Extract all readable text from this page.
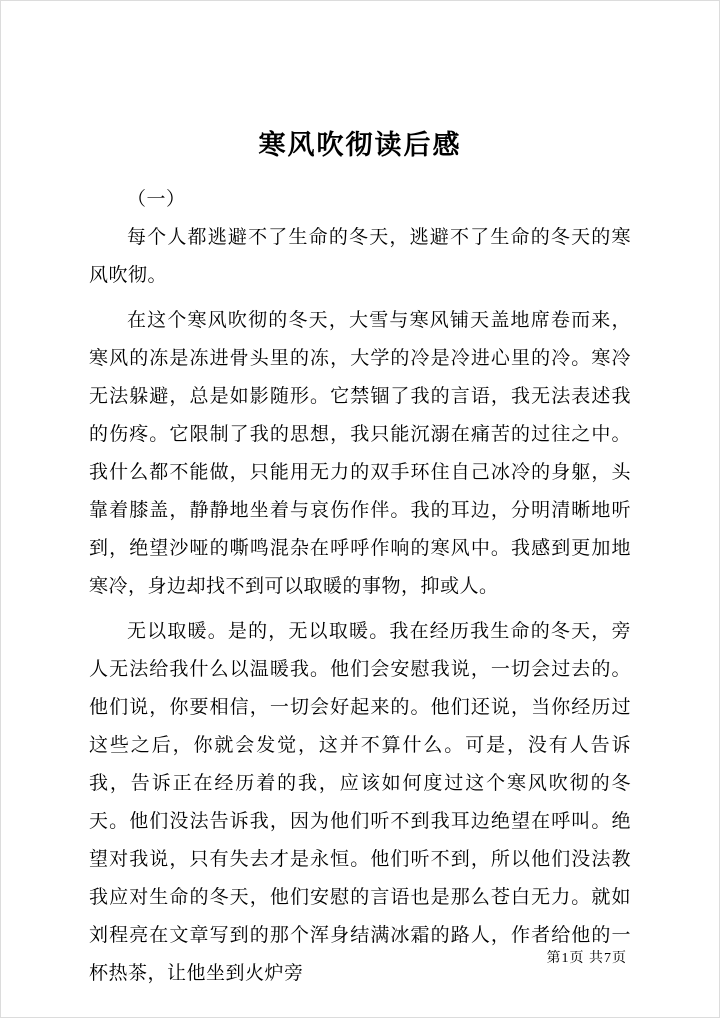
寒风吹彻读后感

（一）

每个人都逃避不了生命的冬天，逃避不了生命的冬天的寒风吹彻。

在这个寒风吹彻的冬天，大雪与寒风铺天盖地席卷而来，寒风的冻是冻进骨头里的冻，大学的冷是冷进心里的冷。寒冷无法躲避，总是如影随形。它禁锢了我的言语，我无法表述我的伤疼。它限制了我的思想，我只能沉溺在痛苦的过往之中。我什么都不能做，只能用无力的双手环住自己冰冷的身躯，头靠着膝盖，静静地坐着与哀伤作伴。我的耳边，分明清晰地听到，绝望沙哑的嘶鸣混杂在呼呼作响的寒风中。我感到更加地寒冷，身边却找不到可以取暖的事物，抑或人。

无以取暖。是的，无以取暖。我在经历我生命的冬天，旁人无法给我什么以温暖我。他们会安慰我说，一切会过去的。他们说，你要相信，一切会好起来的。他们还说，当你经历过这些之后，你就会发觉，这并不算什么。可是，没有人告诉我，告诉正在经历着的我，应该如何度过这个寒风吹彻的冬天。他们没法告诉我，因为他们听不到我耳边绝望在呼叫。绝望对我说，只有失去才是永恒。他们听不到，所以他们没法教我应对生命的冬天，他们安慰的言语也是那么苍白无力。就如刘程亮在文章写到的那个浑身结满冰霜的路人，作者给他的一杯热茶，让他坐到火炉旁

第1页 共7页
